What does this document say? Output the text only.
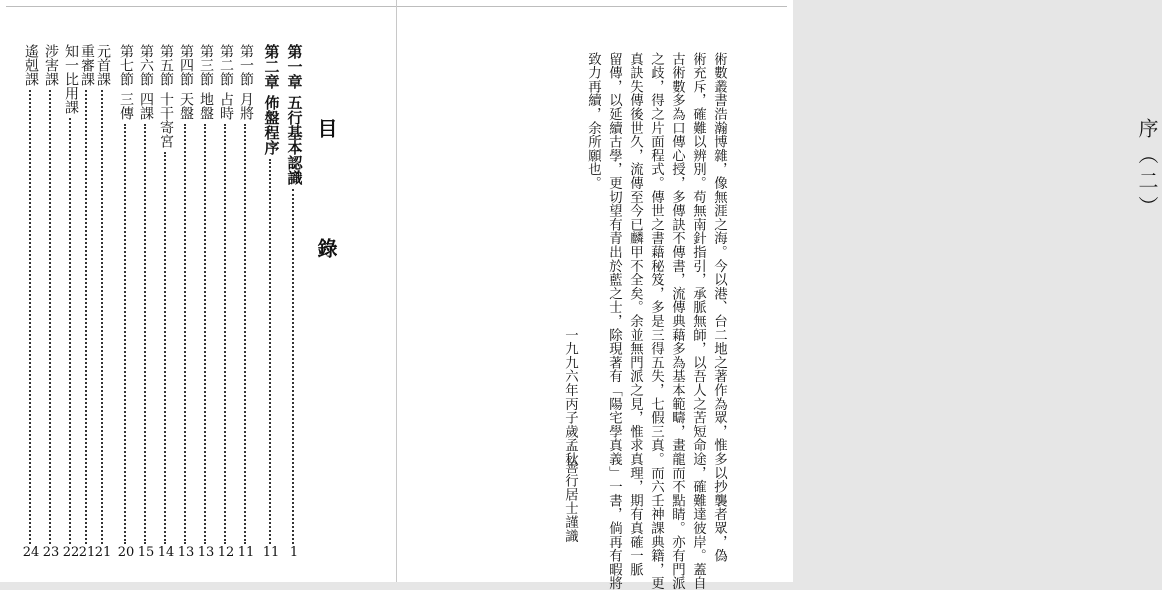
目　錄
第一章
五行基本認識
1
第二章
佈盤程序
11
第一節
月將
11
第二節
占時
12
第三節
地盤
13
第四節
天盤
13
第五節
十干寄宮
14
第六節
四課
15
第七節
三傳
20
元首課
21
重審課
21
知一比用課
22
涉害課
23
遙剋課
24
序（二）
術數叢書浩瀚博雜，像無涯之海。今以港、台二地之著作為眾，惟多以抄襲者眾，偽
術充斥，確難以辨別。苟無南針指引，承脈無師，以吾人之苦短命途，確難達彼岸。蓋自
古術數多為口傳心授，多傳訣不傳書，流傳典藉多為基本範疇，畫龍而不點睛。亦有門派
之歧，得之片面程式。傳世之書藉秘笈，多是三得五失，七假三真。而六壬神課典籍，更
真訣失傳後世久，流傳至今已麟甲不全矣。余並無門派之見，惟求真理，期有真確一脈
留傳，以延續古學，更切望有青出於藍之士，除現著有「陽宅學真義」一書，倘再有暇將
致力再續，余所願也。
一九九六年丙子歲孟秋
善行居士謹識
